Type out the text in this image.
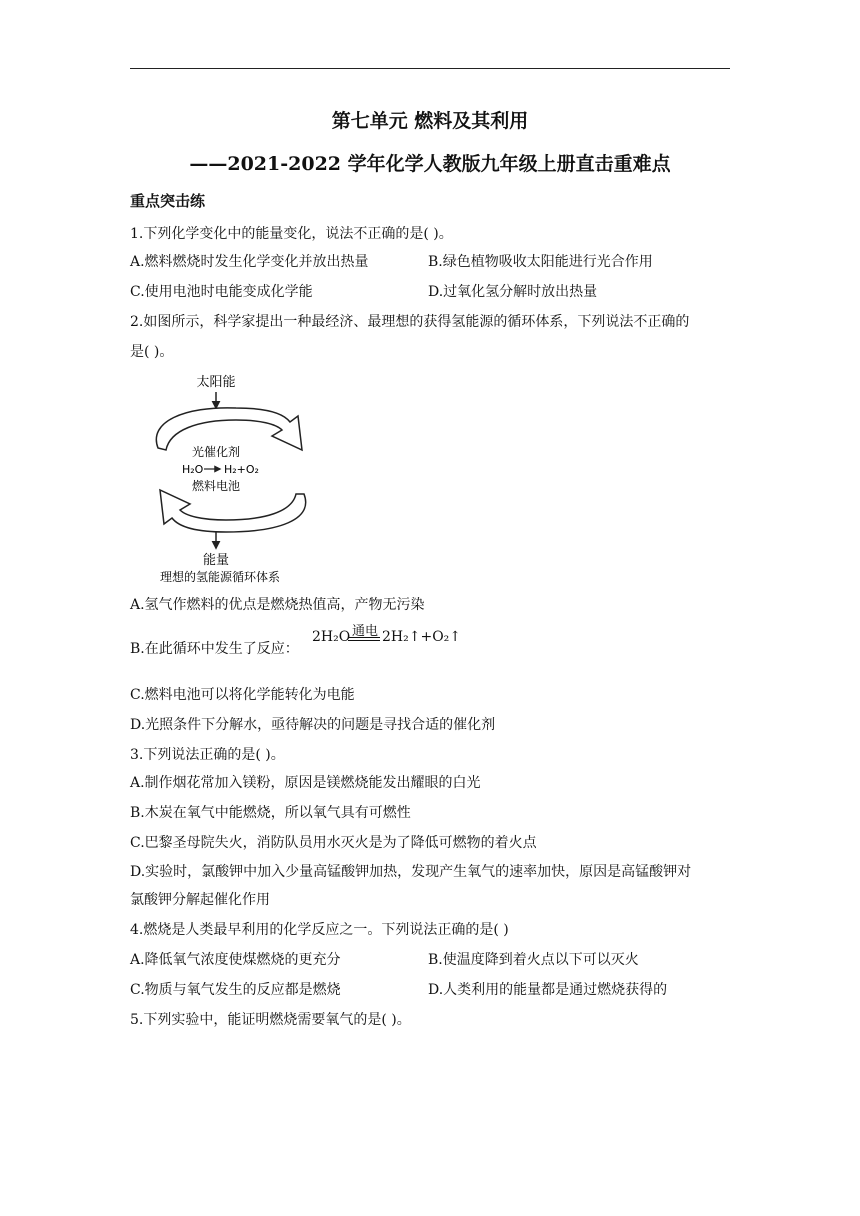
第七单元 燃料及其利用
——2021-2022 学年化学人教版九年级上册直击重难点
重点突击练
1.下列化学变化中的能量变化，说法不正确的是( )。
A.燃料燃烧时发生化学变化并放出热量	B.绿色植物吸收太阳能进行光合作用
C.使用电池时电能变成化学能	D.过氧化氢分解时放出热量
2.如图所示，科学家提出一种最经济、最理想的获得氢能源的循环体系，下列说法不正确的
是( )。
太阳能
光催化剂
H₂O H₂+O₂
燃料电池
能量
理想的氢能源循环体系
A.氢气作燃料的优点是燃烧热值高，产物无污染
B.在此循环中发生了反应：
通电
2H₂O 2H₂↑+O₂↑
C.燃料电池可以将化学能转化为电能
D.光照条件下分解水，亟待解决的问题是寻找合适的催化剂
3.下列说法正确的是( )。
A.制作烟花常加入镁粉，原因是镁燃烧能发出耀眼的白光
B.木炭在氧气中能燃烧，所以氧气具有可燃性
C.巴黎圣母院失火，消防队员用水灭火是为了降低可燃物的着火点
D.实验时，氯酸钾中加入少量高锰酸钾加热，发现产生氧气的速率加快，原因是高锰酸钾对
氯酸钾分解起催化作用
4.燃烧是人类最早利用的化学反应之一。下列说法正确的是( )
A.降低氧气浓度使煤燃烧的更充分	B.使温度降到着火点以下可以灭火
C.物质与氧气发生的反应都是燃烧	D.人类利用的能量都是通过燃烧获得的
5.下列实验中，能证明燃烧需要氧气的是( )。
